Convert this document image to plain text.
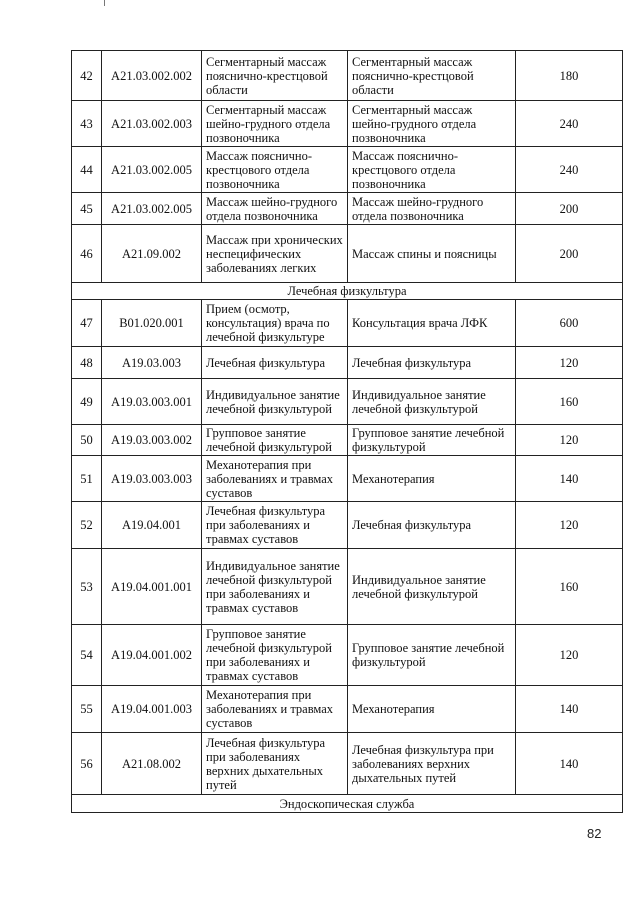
42	А21.03.002.002	Сегментарный массаж пояснично-крестцовой области	Сегментарный массаж пояснично-крестцовой области	180
43	А21.03.002.003	Сегментарный массаж шейно-грудного отдела позвоночника	Сегментарный массаж шейно-грудного отдела позвоночника	240
44	А21.03.002.005	Массаж пояснично-крестцового отдела позвоночника	Массаж пояснично-крестцового отдела позвоночника	240
45	А21.03.002.005	Массаж шейно-грудного отдела позвоночника	Массаж шейно-грудного отдела позвоночника	200
46	А21.09.002	Массаж при хронических неспецифических заболеваниях легких	Массаж спины и поясницы	200
Лечебная физкультура				
47	В01.020.001	Прием (осмотр, консультация) врача по лечебной физкультуре	Консультация врача ЛФК	600
48	А19.03.003	Лечебная физкультура	Лечебная физкультура	120
49	А19.03.003.001	Индивидуальное занятие лечебной физкультурой	Индивидуальное занятие лечебной физкультурой	160
50	А19.03.003.002	Групповое занятие лечебной физкультурой	Групповое занятие лечебной физкультурой	120
51	А19.03.003.003	Механотерапия при заболеваниях и травмах суставов	Механотерапия	140
52	А19.04.001	Лечебная физкультура при заболеваниях и травмах суставов	Лечебная физкультура	120
53	А19.04.001.001	Индивидуальное занятие лечебной физкультурой при заболеваниях и травмах суставов	Индивидуальное занятие лечебной физкультурой	160
54	А19.04.001.002	Групповое занятие лечебной физкультурой при заболеваниях и травмах суставов	Групповое занятие лечебной физкультурой	120
55	А19.04.001.003	Механотерапия при заболеваниях и травмах суставов	Механотерапия	140
56	А21.08.002	Лечебная физкультура при заболеваниях верхних дыхательных путей	Лечебная физкультура при заболеваниях верхних дыхательных путей	140
Эндоскопическая служба				
82
